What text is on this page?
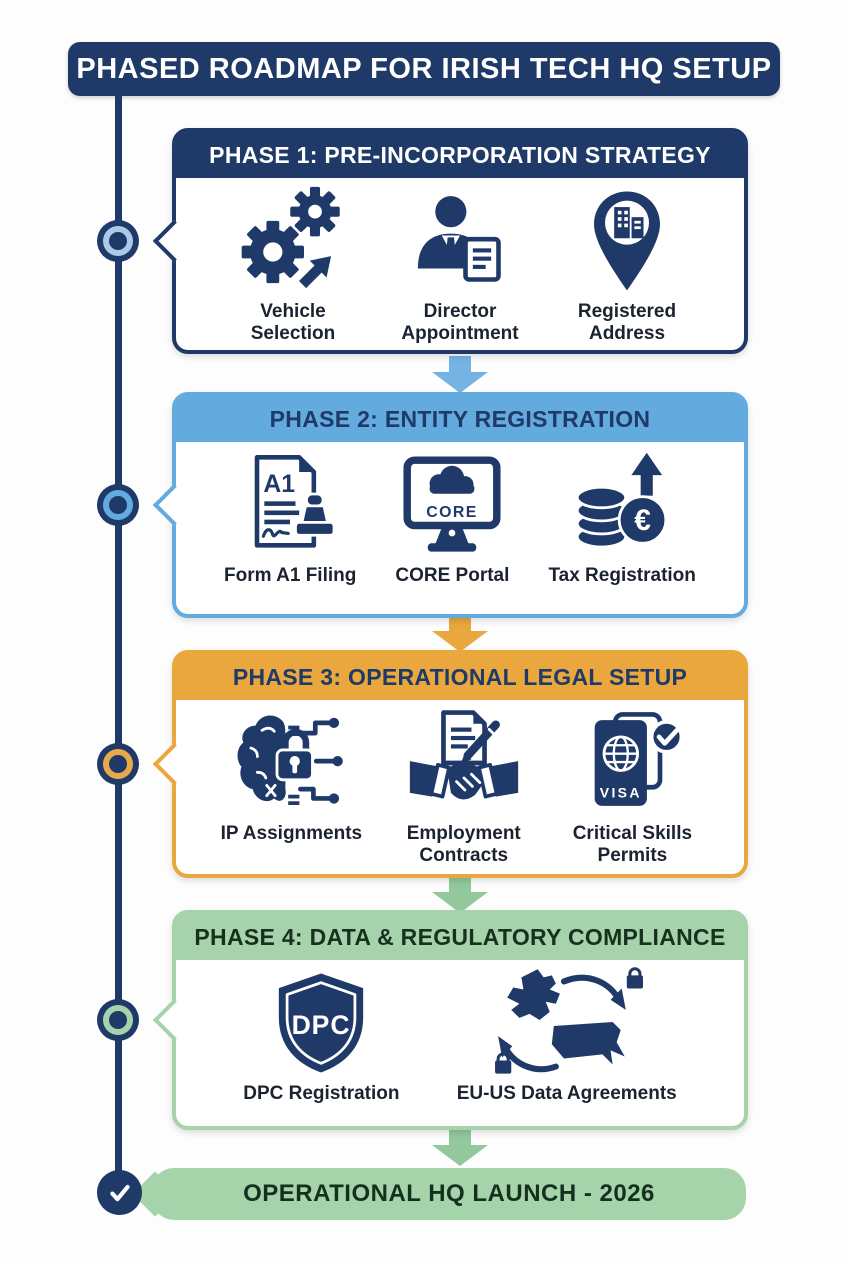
PHASED ROADMAP FOR IRISH TECH HQ SETUP
PHASE 1: PRE-INCORPORATION STRATEGY
Vehicle Selection
Director Appointment
Registered Address
PHASE 2: ENTITY REGISTRATION
A1
Form A1 Filing
CORE
CORE Portal
€
Tax Registration
PHASE 3: OPERATIONAL LEGAL SETUP
IP Assignments	Employment Contracts
VISA
Critical Skills Permits
PHASE 4: DATA & REGULATORY COMPLIANCE
DPC
DPC Registration	EU-US Data Agreements
OPERATIONAL HQ LAUNCH - 2026
